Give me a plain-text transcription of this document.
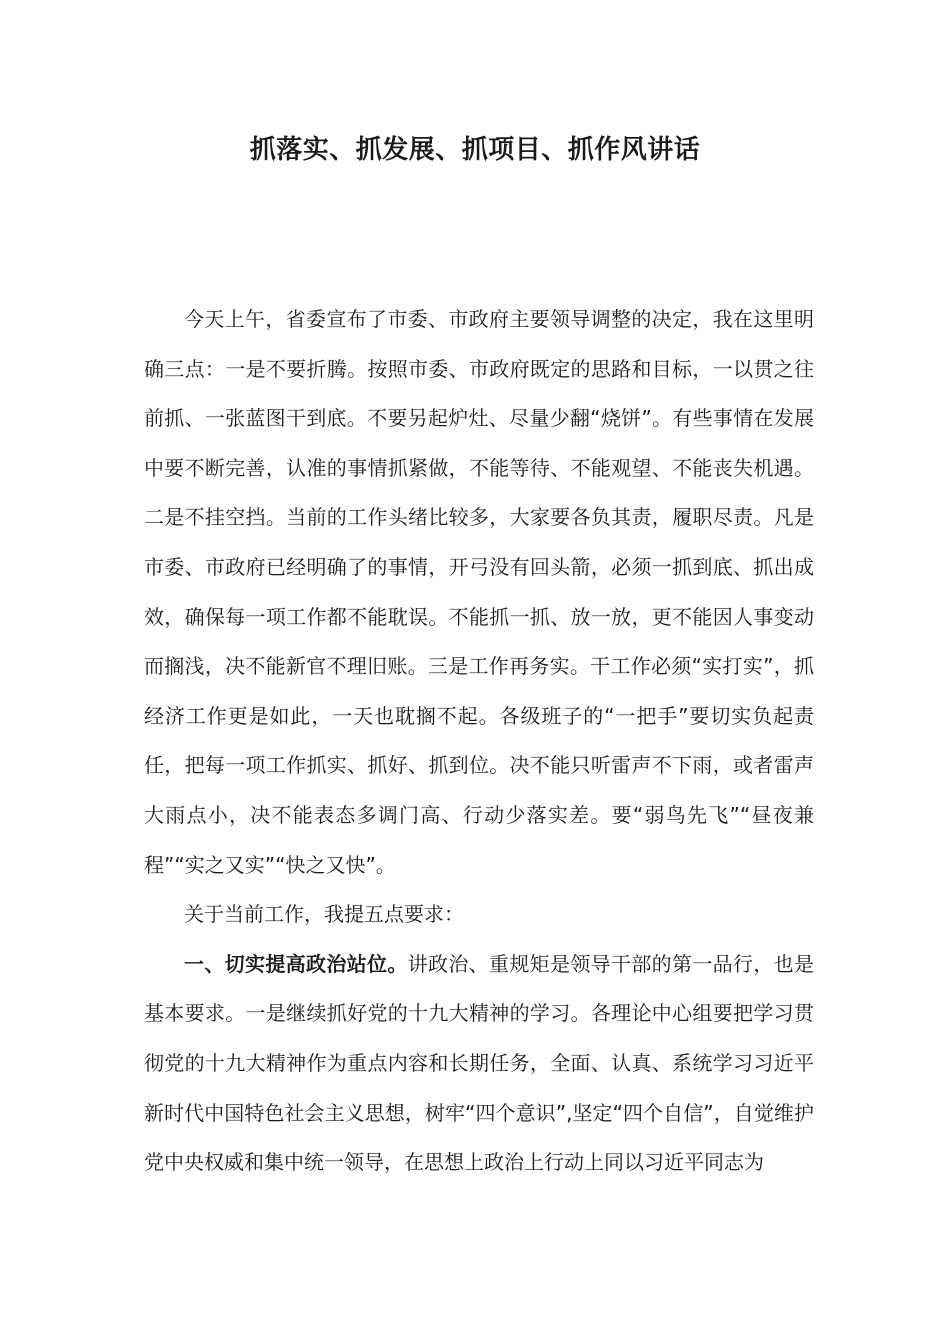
抓落实、抓发展、抓项目、抓作风讲话

今天上午，省委宣布了市委、市政府主要领导调整的决定，我在这里明确三点：一是不要折腾。按照市委、市政府既定的思路和目标，一以贯之往前抓、一张蓝图干到底。不要另起炉灶、尽量少翻“烧饼”。有些事情在发展中要不断完善，认准的事情抓紧做，不能等待、不能观望、不能丧失机遇。二是不挂空挡。当前的工作头绪比较多，大家要各负其责，履职尽责。凡是市委、市政府已经明确了的事情，开弓没有回头箭，必须一抓到底、抓出成效，确保每一项工作都不能耽误。不能抓一抓、放一放，更不能因人事变动而搁浅，决不能新官不理旧账。三是工作再务实。干工作必须“实打实”，抓经济工作更是如此，一天也耽搁不起。各级班子的“一把手”要切实负起责任，把每一项工作抓实、抓好、抓到位。决不能只听雷声不下雨，或者雷声大雨点小，决不能表态多调门高、行动少落实差。要“弱鸟先飞”“昼夜兼程”“实之又实”“快之又快”。

关于当前工作，我提五点要求：

一、切实提高政治站位。讲政治、重规矩是领导干部的第一品行，也是基本要求。一是继续抓好党的十九大精神的学习。各理论中心组要把学习贯彻党的十九大精神作为重点内容和长期任务，全面、认真、系统学习习近平新时代中国特色社会主义思想，树牢“四个意识”,坚定“四个自信”，自觉维护党中央权威和集中统一领导，在思想上政治上行动上同以习近平同志为
